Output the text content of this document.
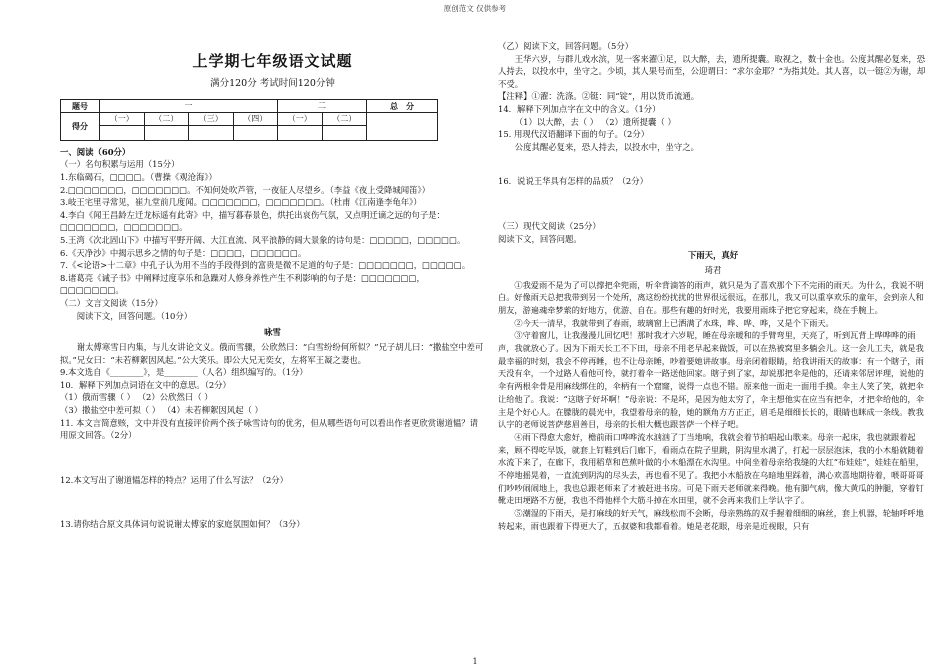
原创范文 仅供参考
上学期七年级语文试题
满分120分 考试时间120分钟
题号	一				二		总　分
得分	（一）	（二）	（三）	（四）	（一）	（二）	

一、阅读（60分）

（一）名句积累与运用（15分）

1.东临碣石，□□□□。（曹操《观沧海》）

2.□□□□□□□，□□□□□□□。不知何处吹芦管，一夜征人尽望乡。（李益《夜上受降城闻笛》）

3.岐王宅里寻常见，崔九堂前几度闻。□□□□□□□，□□□□□□□。（杜甫《江南逢李龟年》）

4.李白《闻王昌龄左迁龙标遥有此寄》中，描写暮春景色，烘托出哀伤气氛，又点明迁谪之远的句子是：□□□□□□□，□□□□□□□。

5.王湾《次北固山下》中描写平野开阔、大江直流、风平浪静的阔大景象的诗句是：□□□□□，□□□□□。

6.《天净沙》中揭示思乡之情的句子是：□□□□，□□□□□□。

7.《<论语>十二章》中孔子认为用不当的手段得到的富贵是微不足道的句子是：□□□□□□□，□□□□□。

8.诸葛亮《诫子书》中阐释过度享乐和急躁对人修身养性产生不利影响的句子是：□□□□□□□，□□□□□□□。

（二）文言文阅读（15分）

阅读下文，回答问题。（10分）

咏雪

谢太傅寒雪日内集，与儿女讲论文义。俄而雪骤，公欣然曰：“白雪纷纷何所似？”兄子胡儿曰：“撒盐空中差可拟。”兄女曰：“未若柳絮因风起。”公大笑乐。即公大兄无奕女，左将军王凝之妻也。

9.本文选自《________》，是________（人名）组织编写的。（1分）

10．解释下列加点词语在文中的意思。（2分）

（1）俄而雪骤（ ） （2）公欣然曰（ ）

（3）撒盐空中差可拟（ ） （4）未若柳絮因风起（ ）

11. 本文言简意赅，文中并没有直接评价两个孩子咏雪诗句的优劣，但从哪些语句可以看出作者更欣赏谢道韫？请用原文回答。（2分）

12.本文写出了谢道韫怎样的特点？运用了什么写法？（2分）

13.请你结合原文具体词句说说谢太傅家的家庭氛围如何？（3分）

（乙）阅读下文，回答问题。（5分）

王华六岁，与群儿戏水滨，见一客来濯①足，以大醉，去，遗所提囊。取视之，数十金也。公度其醒必复来，恐人持去，以投水中，坐守之。少顷，其人果号而至，公迎谓曰：“求尔金耶？”为指其处。其人喜，以一铤②为谢，却不受。

【注释】①濯：洗涤。②铤：同“锭”，用以货币流通。

14．解释下列加点字在文中的含义。（1分）

（1）以大醉，去（ ） （2）遗所提囊（ ）

15. 用现代汉语翻译下面的句子。（2分）

公度其醒必复来，恐人持去，以投水中，坐守之。

16．说说王华具有怎样的品质？（2分）

（三）现代文阅读（25分）

阅读下文，回答问题。

下雨天，真好

琦君

①我爱雨不是为了可以撑把伞兜雨，听伞背滴答的雨声，就只是为了喜欢那个下不完雨的雨天。为什么，我说不明白。好像雨天总把我带到另一个处所，离这纷纷扰扰的世界很远很远，在那儿，我又可以重享欢乐的童年，会到亲人和朋友，游遍魂牵梦萦的好地方，优游、自在。那些有趣的好时光，我要用雨珠子把它穿起来，绕在手腕上。

②今天一清早，我就带到了春雨，玻璃窗上已洒满了水珠，哗、哗、哗，又是个下雨天。

③守着窗儿，让我漫漫儿回忆吧！那时我才六岁呢，睡在母亲暖和的手臂弯里，天亮了，听到瓦背上哗哗哗的雨声，我就放心了。因为下雨天长工不下田，母亲不用老早起来做饭，可以在热被窝里多躺会儿。这一会儿工夫，就是我最幸福的时刻，我会不停再睡，也不让母亲睡，吵着要她讲故事。母亲闭着眼睛，给我讲雨天的故事：有一个瞎子，雨天没有伞，一个过路人看他可怜，就打着伞一路送他回家。瞎子到了家，却说那把伞是他的，还请来邻居评理，说他的伞有两根伞骨是用麻线绑住的，伞柄有一个窟窿，说得一点也不错。原来他一面走一面用手摸。伞主人笑了笑，就把伞让给他了。我说：“这瞎子好坏啊！”母亲说：不是坏，是因为他太穷了，伞主想他实在应当有把伞，才把伞给他的，伞主是个好心人。在朦胧的晨光中，我望着母亲的脸，她的额角方方正正，眉毛是细细长长的，眼睛也眯成一条线。教我认字的老师说菩萨慈眉善目，母亲的长相大概也跟菩萨一个样子吧。

④雨下得愈大愈好，檐前雨口哗哗流水汹汹了丁当地响，我就会着节拍唱起山歌来。母亲一起床，我也就跟着起来，顾不得吃早饭，就套上钉鞋到后门廊下，看雨点在院子里跳，阴沟里水满了，打起一层层泡沫，我的小木船就随着水流下来了，在廊下，我用稻草和芭蕉叶做的小木船漂在水沟里。中间坐着母亲给我缝的大红“布娃娃”，娃娃在船里，不停地摇晃着，一直流到阴沟的尽头去，再也看不见了。我把小木船放在乌暗地里踩着，满心欢喜地期待着，喂哥哥哥们吵吵闹闹地上，我也总跟老师来了才被赶进书房。可是下雨天老师就来得晚。他有脚气病，像大黄瓜的肿腿，穿着钉靴走田埂路不方便，我也不得他样个大筋斗掉在水田里，就不会再来我们上学认字了。

⑤潮湿的下雨天，是打麻线的好天气，麻线松而不会断，母亲熟练的双手握着细细的麻丝，套上机器，轮轴呼呼地转起来，雨也跟着下得更大了，五叔婆和我都看着。她是老花眼，母亲是近视眼，只有

1
